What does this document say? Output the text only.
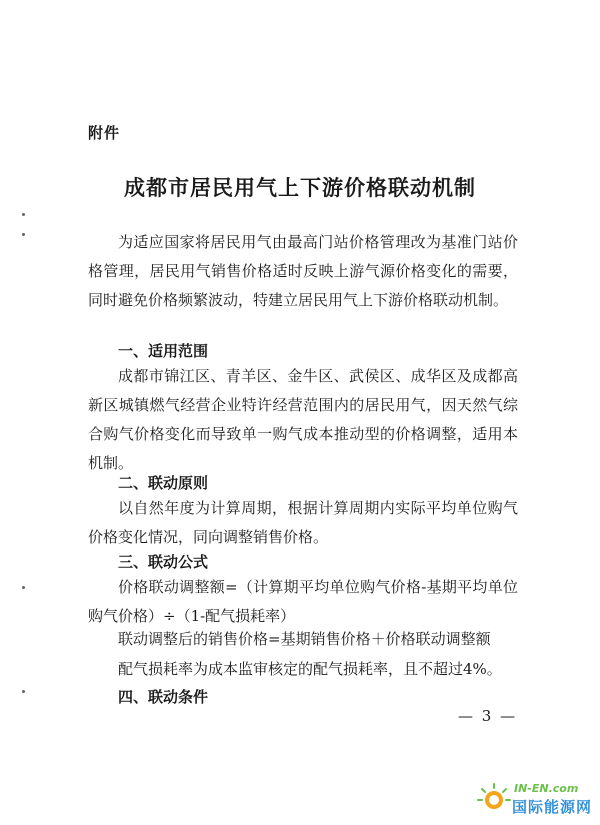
附件
成都市居民用气上下游价格联动机制

为适应国家将居民用气由最高门站价格管理改为基准门站价格管理，居民用气销售价格适时反映上游气源价格变化的需要，同时避免价格频繁波动，特建立居民用气上下游价格联动机制。

一、适用范围

成都市锦江区、青羊区、金牛区、武侯区、成华区及成都高新区城镇燃气经营企业特许经营范围内的居民用气，因天然气综合购气价格变化而导致单一购气成本推动型的价格调整，适用本机制。

二、联动原则

以自然年度为计算周期，根据计算周期内实际平均单位购气价格变化情况，同向调整销售价格。

三、联动公式

价格联动调整额=（计算期平均单位购气价格-基期平均单位购气价格）÷（1-配气损耗率）

联动调整后的销售价格=基期销售价格＋价格联动调整额
配气损耗率为成本监审核定的配气损耗率，且不超过4%。
四、联动条件
— 3 —
IN-EN.com
国际能源网
